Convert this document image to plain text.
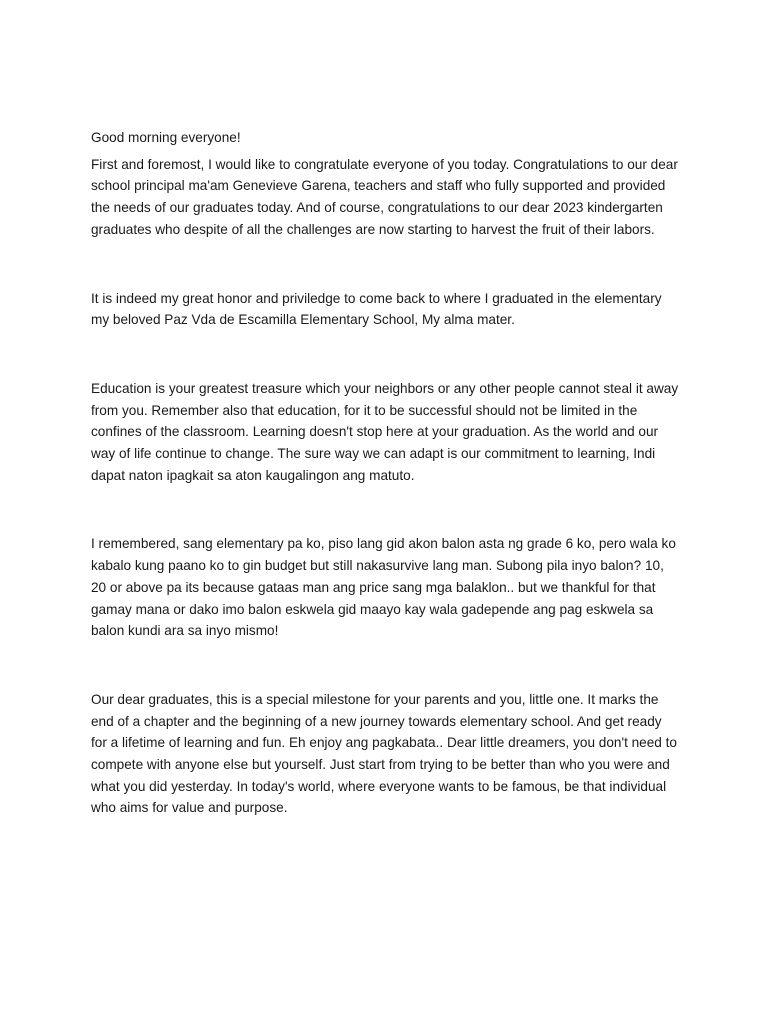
Good morning everyone!

First and foremost, I would like to congratulate everyone of you today. Congratulations to our dear school principal ma'am Genevieve Garena, teachers and staff who fully supported and provided the needs of our graduates today. And of course, congratulations to our dear 2023 kindergarten graduates who despite of all the challenges are now starting to harvest the fruit of their labors.

It is indeed my great honor and priviledge to come back to where I graduated in the elementary my beloved Paz Vda de Escamilla Elementary School, My alma mater.

Education is your greatest treasure which your neighbors or any other people cannot steal it away from you. Remember also that education, for it to be successful should not be limited in the confines of the classroom. Learning doesn't stop here at your graduation. As the world and our way of life continue to change. The sure way we can adapt is our commitment to learning, Indi dapat naton ipagkait sa aton kaugalingon ang matuto.

I remembered, sang elementary pa ko, piso lang gid akon balon asta ng grade 6 ko, pero wala ko kabalo kung paano ko to gin budget but still nakasurvive lang man. Subong pila inyo balon? 10, 20 or above pa its because gataas man ang price sang mga balaklon.. but we thankful for that gamay mana or dako imo balon eskwela gid maayo kay wala gadepende ang pag eskwela sa balon kundi ara sa inyo mismo!

Our dear graduates, this is a special milestone for your parents and you, little one. It marks the end of a chapter and the beginning of a new journey towards elementary school. And get ready for a lifetime of learning and fun. Eh enjoy ang pagkabata.. Dear little dreamers, you don't need to compete with anyone else but yourself. Just start from trying to be better than who you were and what you did yesterday. In today's world, where everyone wants to be famous, be that individual who aims for value and purpose.
